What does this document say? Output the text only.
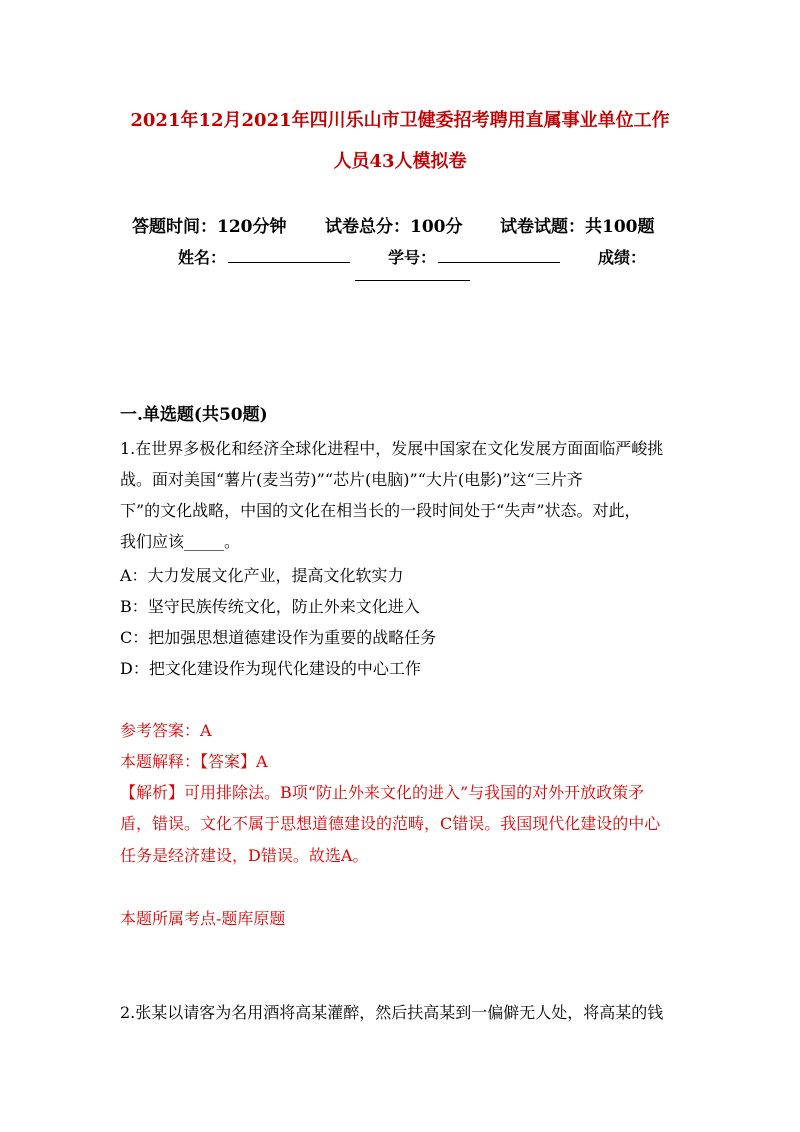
2021年12月2021年四川乐山市卫健委招考聘用直属事业单位工作
人员43人模拟卷
答题时间：120分钟 试卷总分：100分 试卷试题：共100题
姓名：	学号：	成绩：
一.单选题(共50题)
1.在世界多极化和经济全球化进程中，发展中国家在文化发展方面面临严峻挑
战。面对美国“薯片(麦当劳)”“芯片(电脑)”“大片(电影)”这“三片齐
下”的文化战略，中国的文化在相当长的一段时间处于“失声”状态。对此，
我们应该_____。
A：大力发展文化产业，提高文化软实力
B：坚守民族传统文化，防止外来文化进入
C：把加强思想道德建设作为重要的战略任务
D：把文化建设作为现代化建设的中心工作
参考答案：A
本题解释：【答案】A
【解析】可用排除法。B项“防止外来文化的进入”与我国的对外开放政策矛
盾，错误。文化不属于思想道德建设的范畴，C错误。我国现代化建设的中心
任务是经济建设，D错误。故选A。
本题所属考点-题库原题
2.张某以请客为名用酒将高某灌醉，然后扶高某到一偏僻无人处，将高某的钱
